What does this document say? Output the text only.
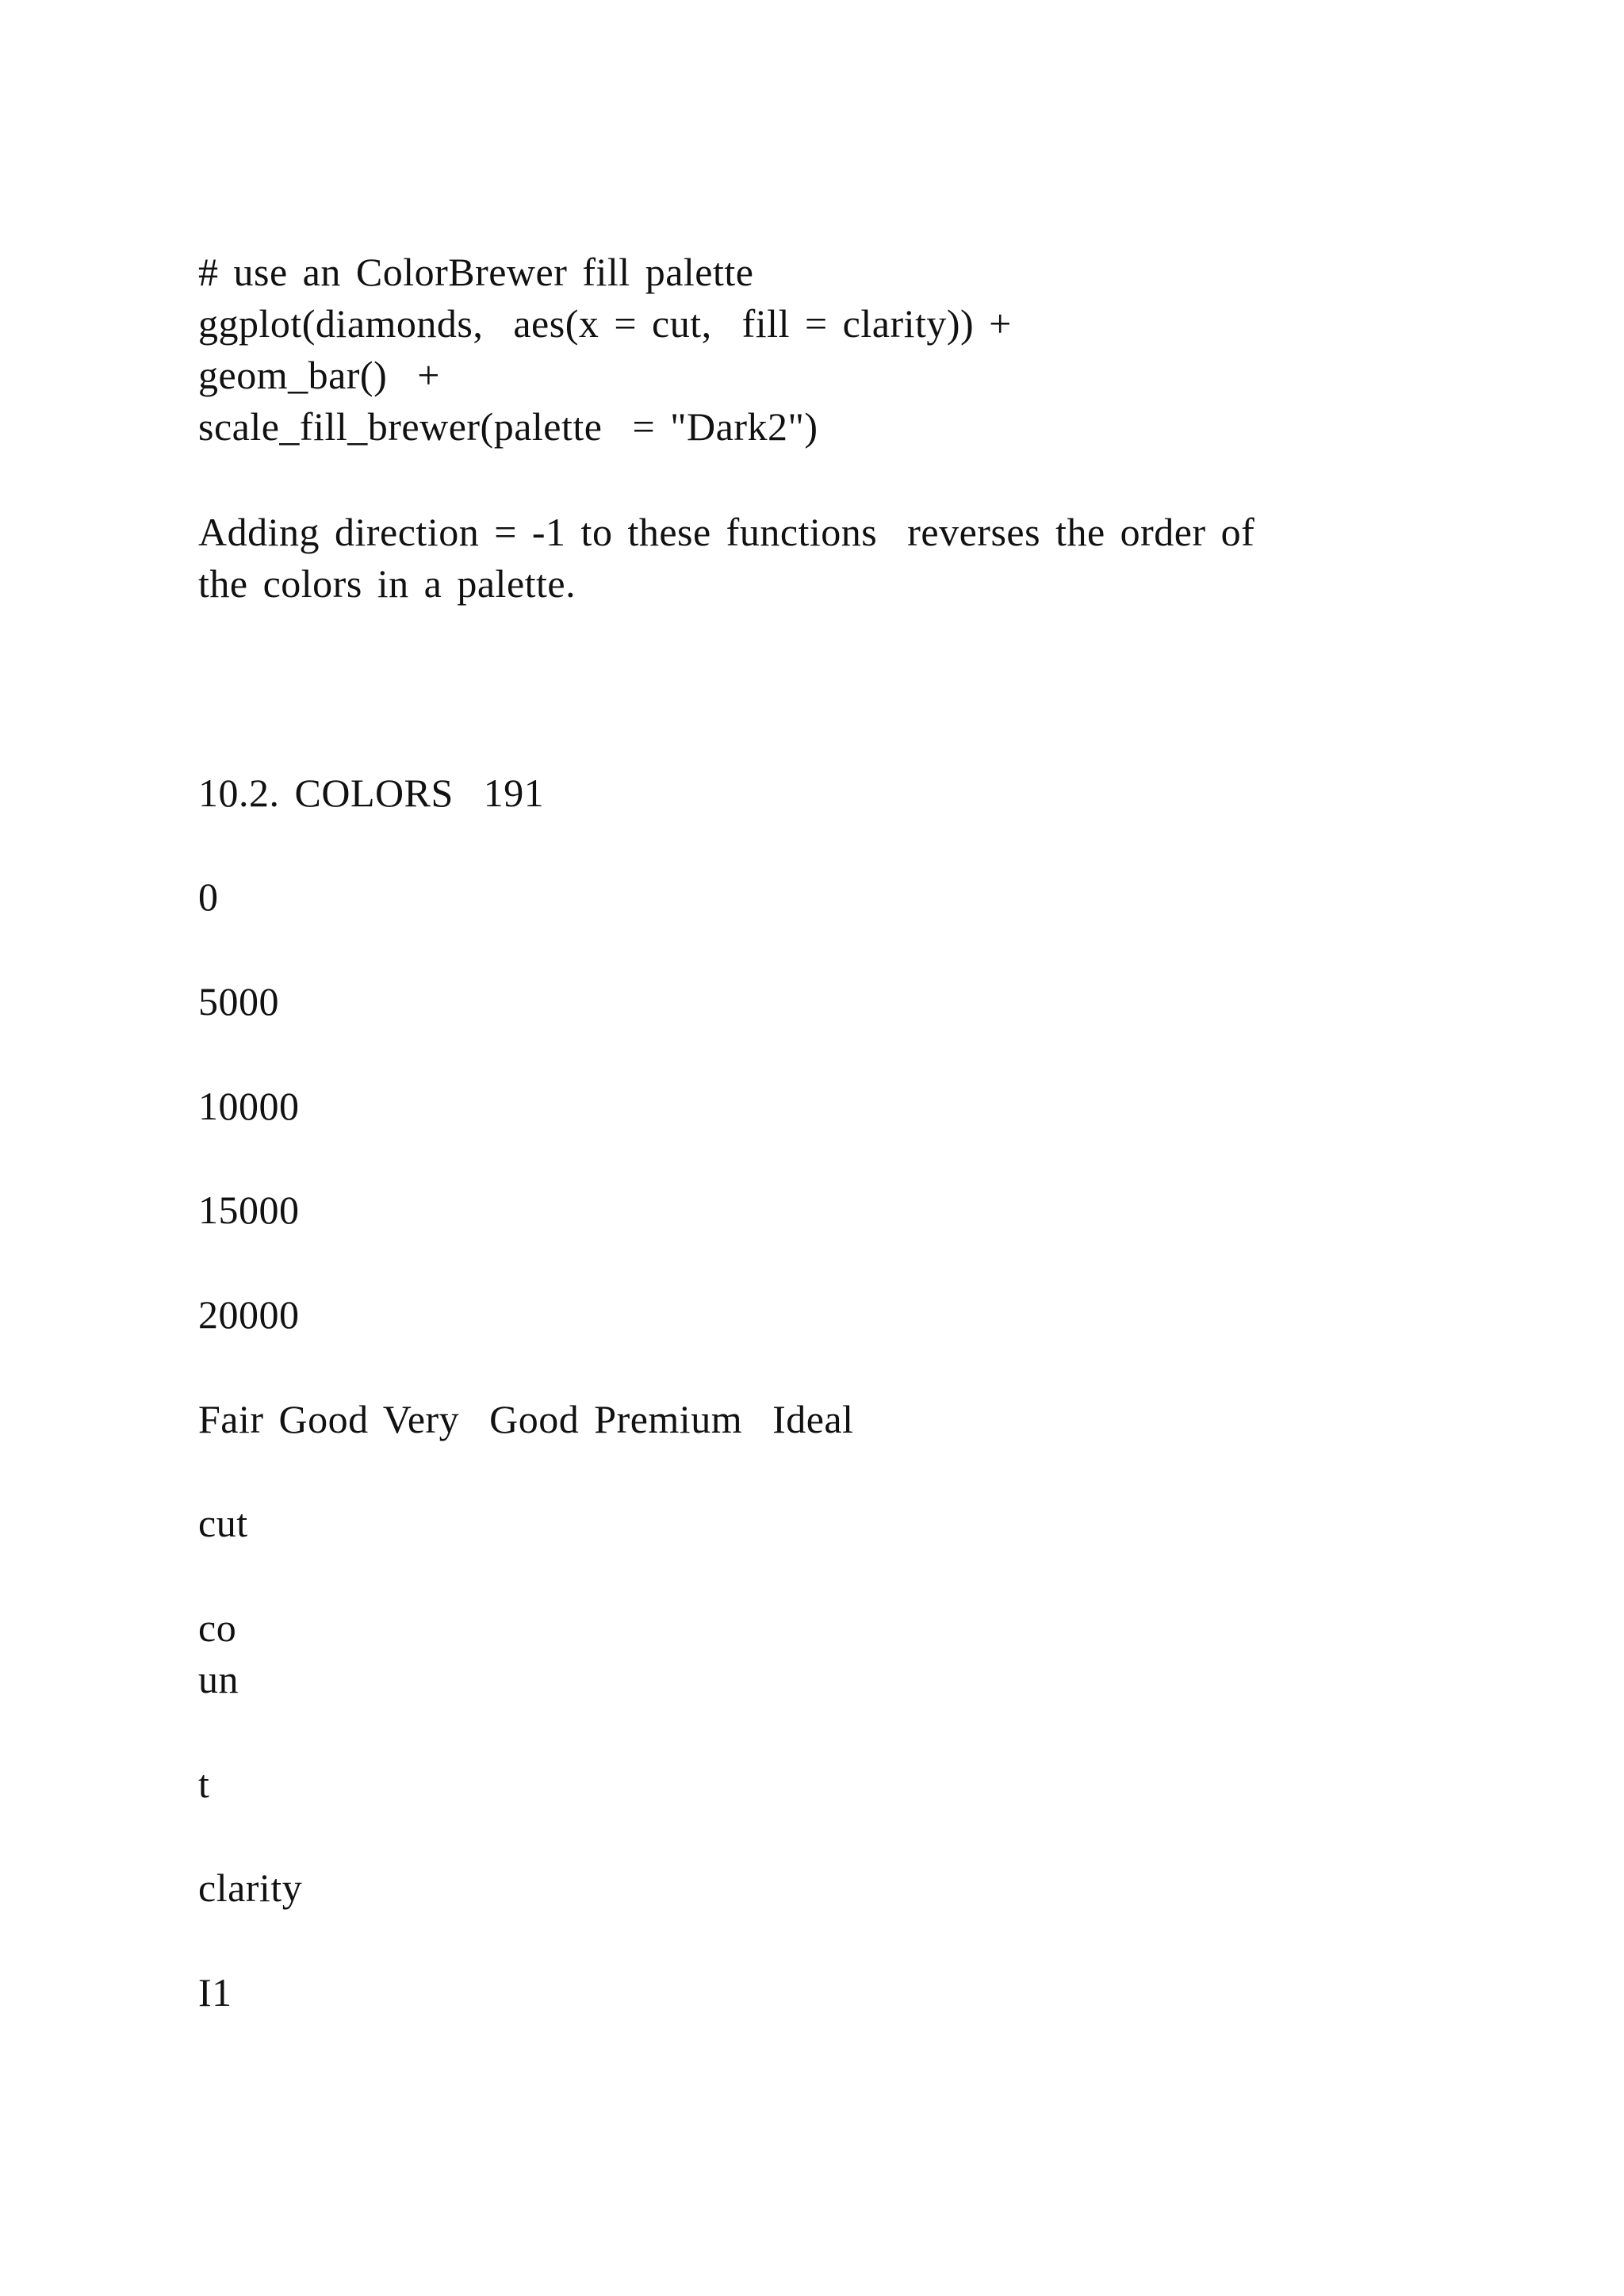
# use an ColorBrewer fill palette

ggplot(diamonds,  aes(x = cut,  fill = clarity)) +

geom_bar()  +

scale_fill_brewer(palette  = "Dark2")

Adding direction = -1 to these functions  reverses the order of

the colors in a palette.

10.2. COLORS  191

0

5000

10000

15000

20000

Fair Good Very  Good Premium  Ideal

cut

co

un

t

clarity

I1
